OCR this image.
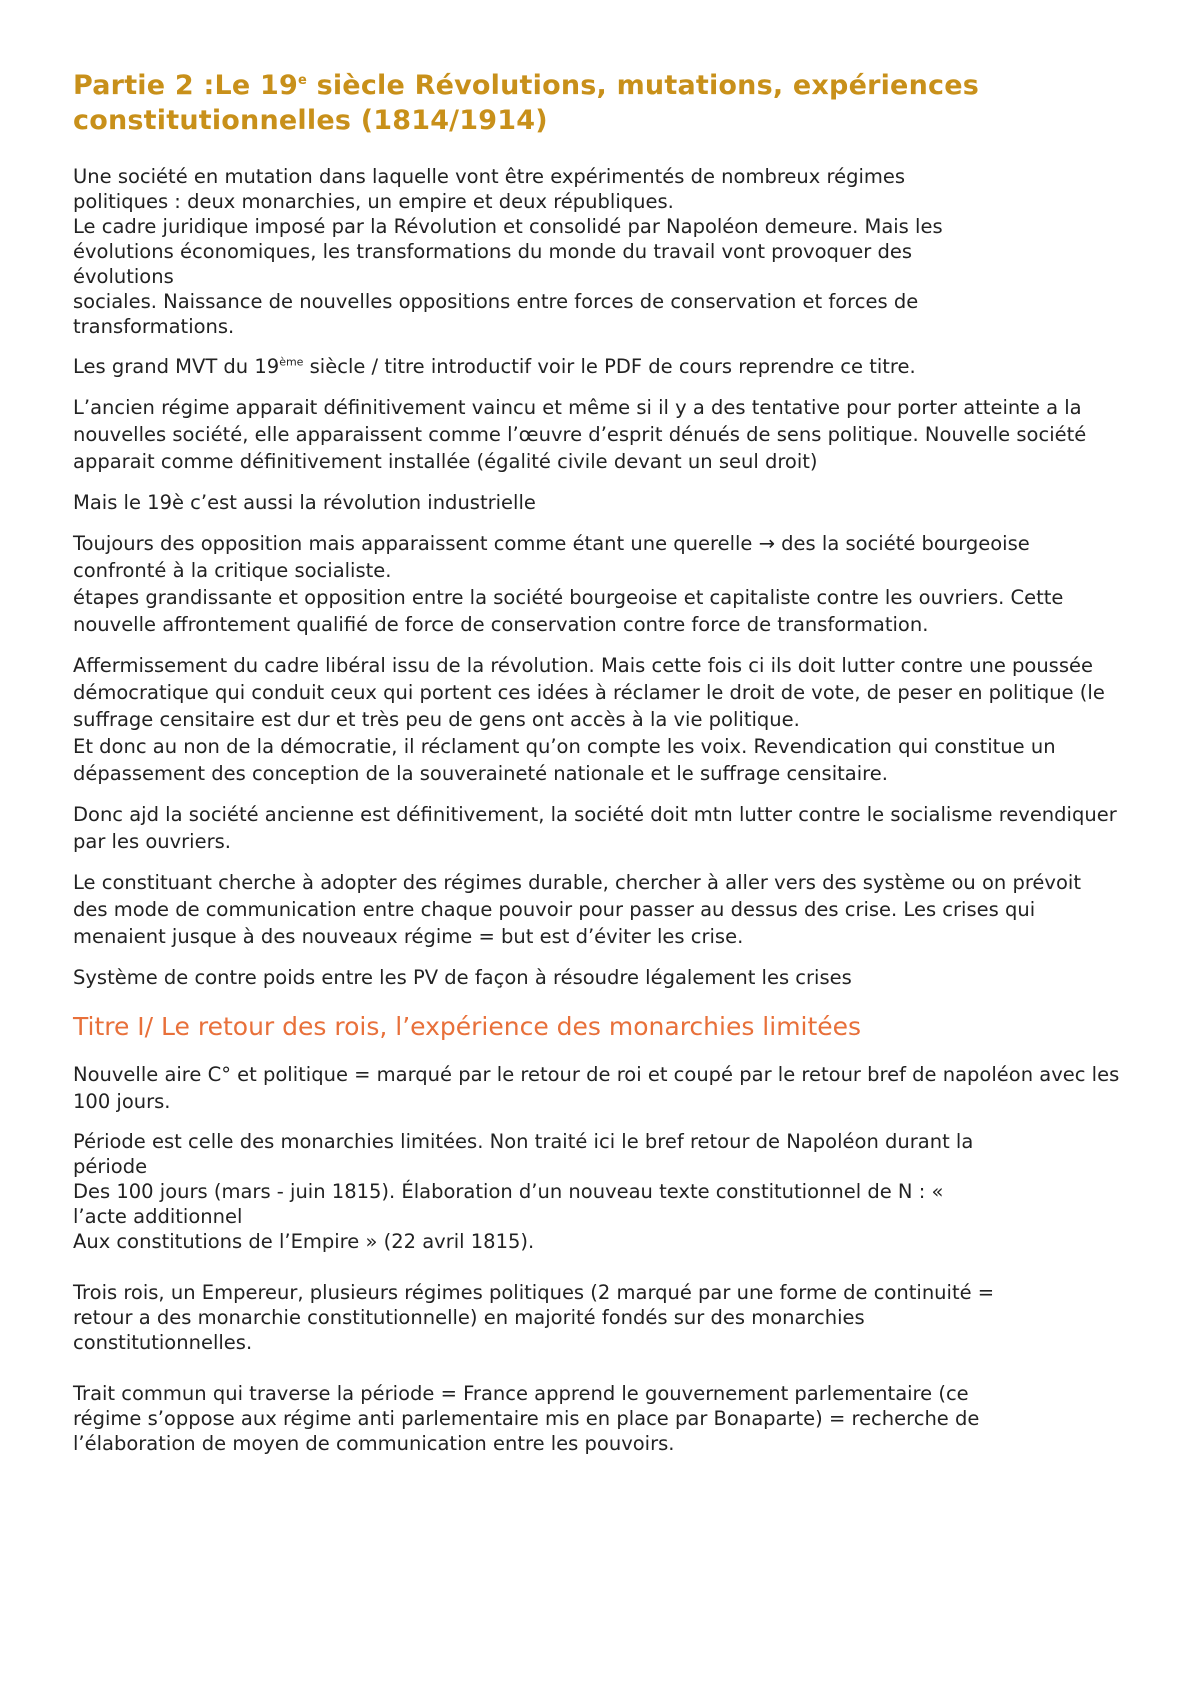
Partie 2 :Le 19e siècle Révolutions, mutations, expériences constitutionnelles (1814/1914)

Une société en mutation dans laquelle vont être expérimentés de nombreux régimes
politiques : deux monarchies, un empire et deux républiques.
Le cadre juridique imposé par la Révolution et consolidé par Napoléon demeure. Mais les
évolutions économiques, les transformations du monde du travail vont provoquer des
évolutions
sociales. Naissance de nouvelles oppositions entre forces de conservation et forces de
transformations.

Les grand MVT du 19ème siècle / titre introductif voir le PDF de cours reprendre ce titre.

L’ancien régime apparait définitivement vaincu et même si il y a des tentative pour porter atteinte a la nouvelles société, elle apparaissent comme l’œuvre d’esprit dénués de sens politique. Nouvelle société apparait comme définitivement installée (égalité civile devant un seul droit)

Mais le 19è c’est aussi la révolution industrielle

Toujours des opposition mais apparaissent comme étant une querelle → des la société bourgeoise confronté à la critique socialiste.
étapes grandissante et opposition entre la société bourgeoise et capitaliste contre les ouvriers. Cette nouvelle affrontement qualifié de force de conservation contre force de transformation.

Affermissement du cadre libéral issu de la révolution. Mais cette fois ci ils doit lutter contre une poussée démocratique qui conduit ceux qui portent ces idées à réclamer le droit de vote, de peser en politique (le suffrage censitaire est dur et très peu de gens ont accès à la vie politique.
Et donc au non de la démocratie, il réclament qu’on compte les voix. Revendication qui constitue un dépassement des conception de la souveraineté nationale et le suffrage censitaire.

Donc ajd la société ancienne est définitivement, la société doit mtn lutter contre le socialisme revendiquer par les ouvriers.

Le constituant cherche à adopter des régimes durable, chercher à aller vers des système ou on prévoit des mode de communication entre chaque pouvoir pour passer au dessus des crise. Les crises qui menaient jusque à des nouveaux régime = but est d’éviter les crise.

Système de contre poids entre les PV de façon à résoudre légalement les crises

Titre I/ Le retour des rois, l’expérience des monarchies limitées

Nouvelle aire C° et politique = marqué par le retour de roi et coupé par le retour bref de napoléon avec les 100 jours.

Période est celle des monarchies limitées. Non traité ici le bref retour de Napoléon durant la
période
Des 100 jours (mars - juin 1815). Élaboration d’un nouveau texte constitutionnel de N : «
l’acte additionnel
Aux constitutions de l’Empire » (22 avril 1815).

Trois rois, un Empereur, plusieurs régimes politiques (2 marqué par une forme de continuité =
retour a des monarchie constitutionnelle) en majorité fondés sur des monarchies
constitutionnelles.

Trait commun qui traverse la période = France apprend le gouvernement parlementaire (ce
régime s’oppose aux régime anti parlementaire mis en place par Bonaparte) = recherche de
l’élaboration de moyen de communication entre les pouvoirs.
